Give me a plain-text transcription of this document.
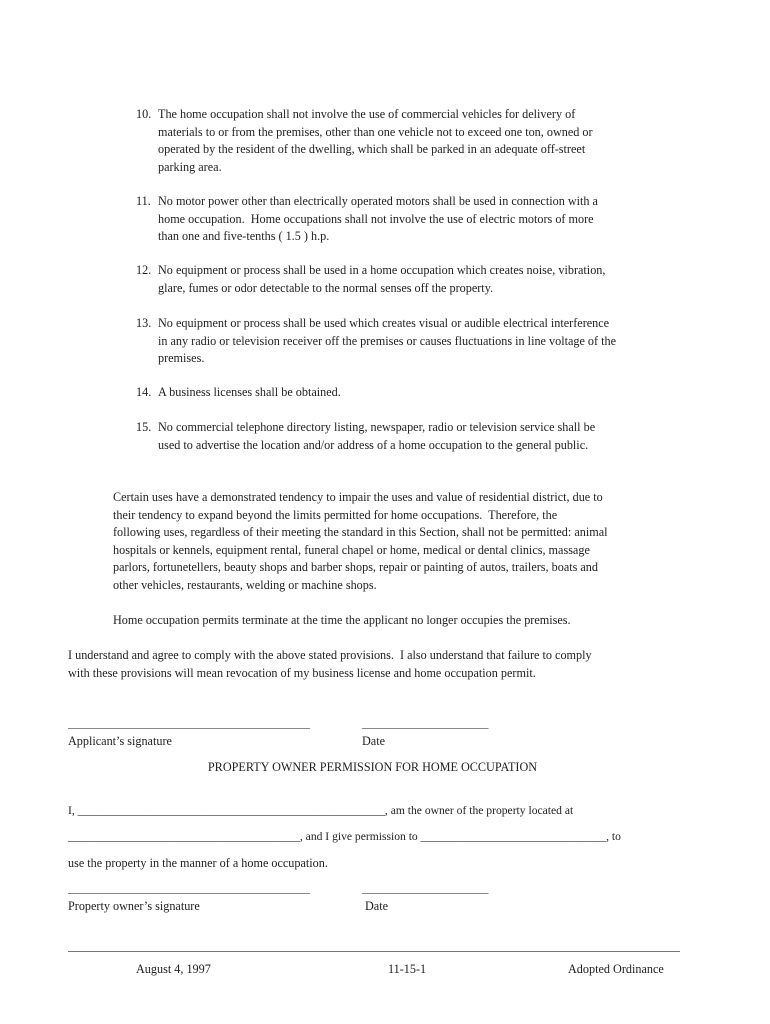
10. The home occupation shall not involve the use of commercial vehicles for delivery of
materials to or from the premises, other than one vehicle not to exceed one ton, owned or
operated by the resident of the dwelling, which shall be parked in an adequate off-street
parking area.
11. No motor power other than electrically operated motors shall be used in connection with a
home occupation.  Home occupations shall not involve the use of electric motors of more
than one and five-tenths ( 1.5 ) h.p.
12. No equipment or process shall be used in a home occupation which creates noise, vibration,
glare, fumes or odor detectable to the normal senses off the property.
13. No equipment or process shall be used which creates visual or audible electrical interference
in any radio or television receiver off the premises or causes fluctuations in line voltage of the
premises.
14. A business licenses shall be obtained.
15. No commercial telephone directory listing, newspaper, radio or television service shall be
used to advertise the location and/or address of a home occupation to the general public.
Certain uses have a demonstrated tendency to impair the uses and value of residential district, due to
their tendency to expand beyond the limits permitted for home occupations.  Therefore, the
following uses, regardless of their meeting the standard in this Section, shall not be permitted: animal
hospitals or kennels, equipment rental, funeral chapel or home, medical or dental clinics, massage
parlors, fortunetellers, beauty shops and barber shops, repair or painting of autos, trailers, boats and
other vehicles, restaurants, welding or machine shops.
Home occupation permits terminate at the time the applicant no longer occupies the premises.
I understand and agree to comply with the above stated provisions.  I also understand that failure to comply
with these provisions will mean revocation of my business license and home occupation permit.
____________________________________________	_______________________
Applicant’s signature	Date
PROPERTY OWNER PERMISSION FOR HOME OCCUPATION
I, _____________________________________________________, am the owner of the property located at
________________________________________, and I give permission to ________________________________, to
use the property in the manner of a home occupation.
____________________________________________	_______________________
Property owner’s signature	Date
August 4, 1997	11-15-1	Adopted Ordinance
